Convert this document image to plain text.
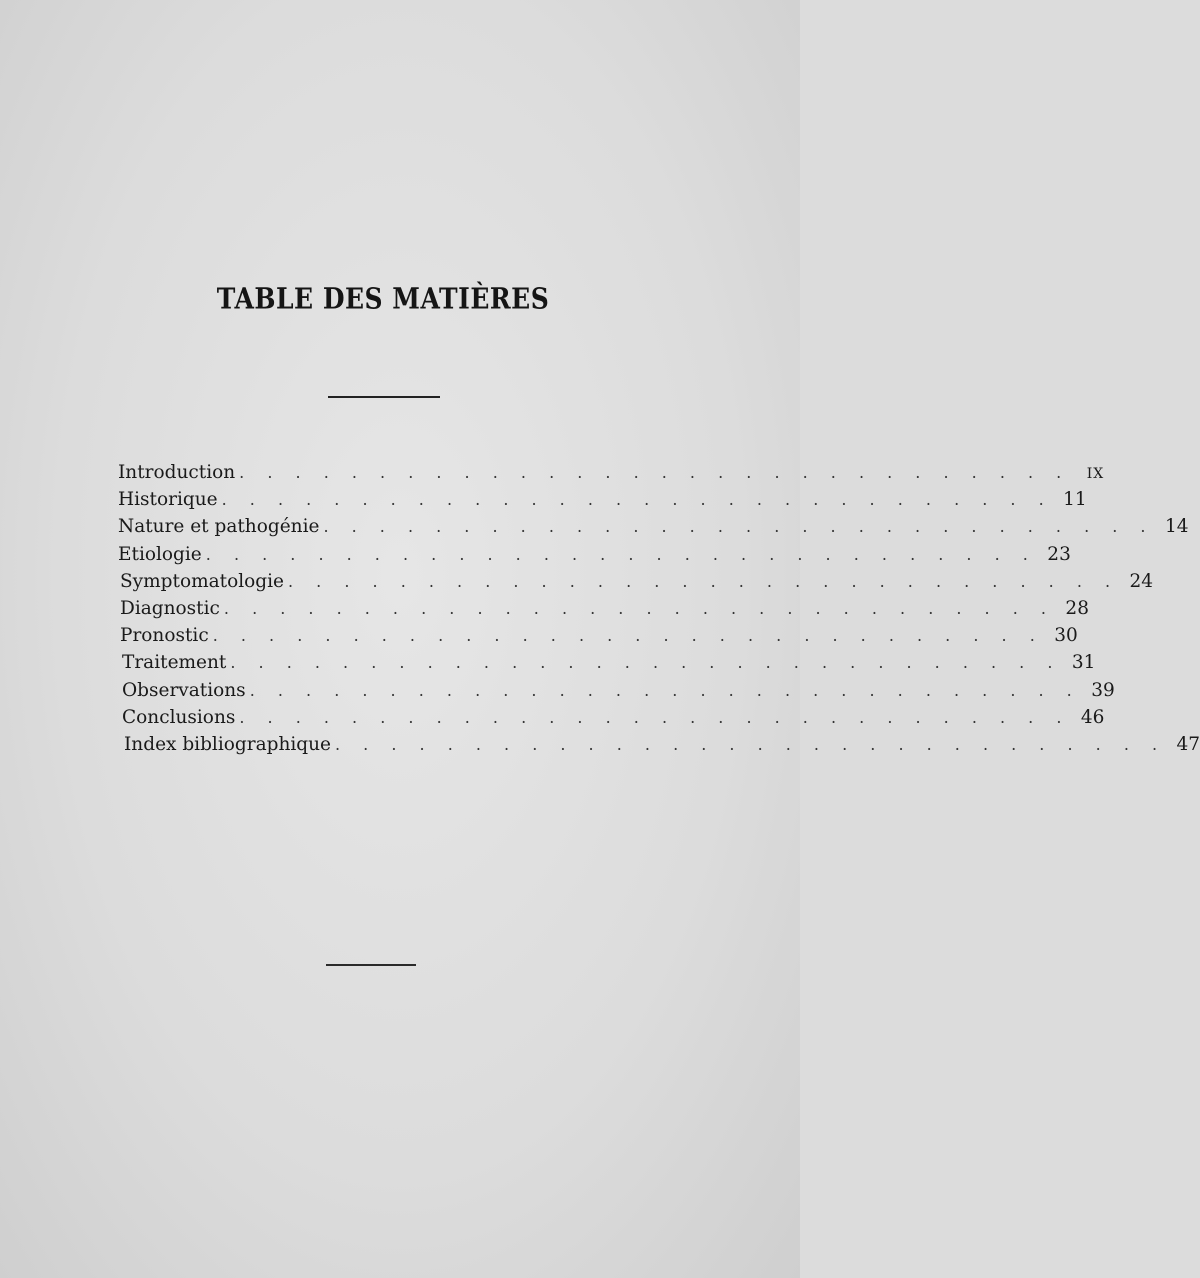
TABLE DES MATIÈRES
Introduction . . . . . . . . . . . . . . . . . . . . . . . . . . . . . .	IX
Historique . . . . . . . . . . . . . . . . . . . . . . . . . . . . . . 11
Nature et pathogénie . . . . . . . . . . . . . . . . . . . . . . . . . . . . . . 14
Etiologie . . . . . . . . . . . . . . . . . . . . . . . . . . . . . . 23
Symptomatologie . . . . . . . . . . . . . . . . . . . . . . . . . . . . . . 24
Diagnostic . . . . . . . . . . . . . . . . . . . . . . . . . . . . . . 28
Pronostic . . . . . . . . . . . . . . . . . . . . . . . . . . . . . . 30
Traitement . . . . . . . . . . . . . . . . . . . . . . . . . . . . . . 31
Observations . . . . . . . . . . . . . . . . . . . . . . . . . . . . . . 39
Conclusions . . . . . . . . . . . . . . . . . . . . . . . . . . . . . . 46
Index bibliographique . . . . . . . . . . . . . . . . . . . . . . . . . . . . . . 47
